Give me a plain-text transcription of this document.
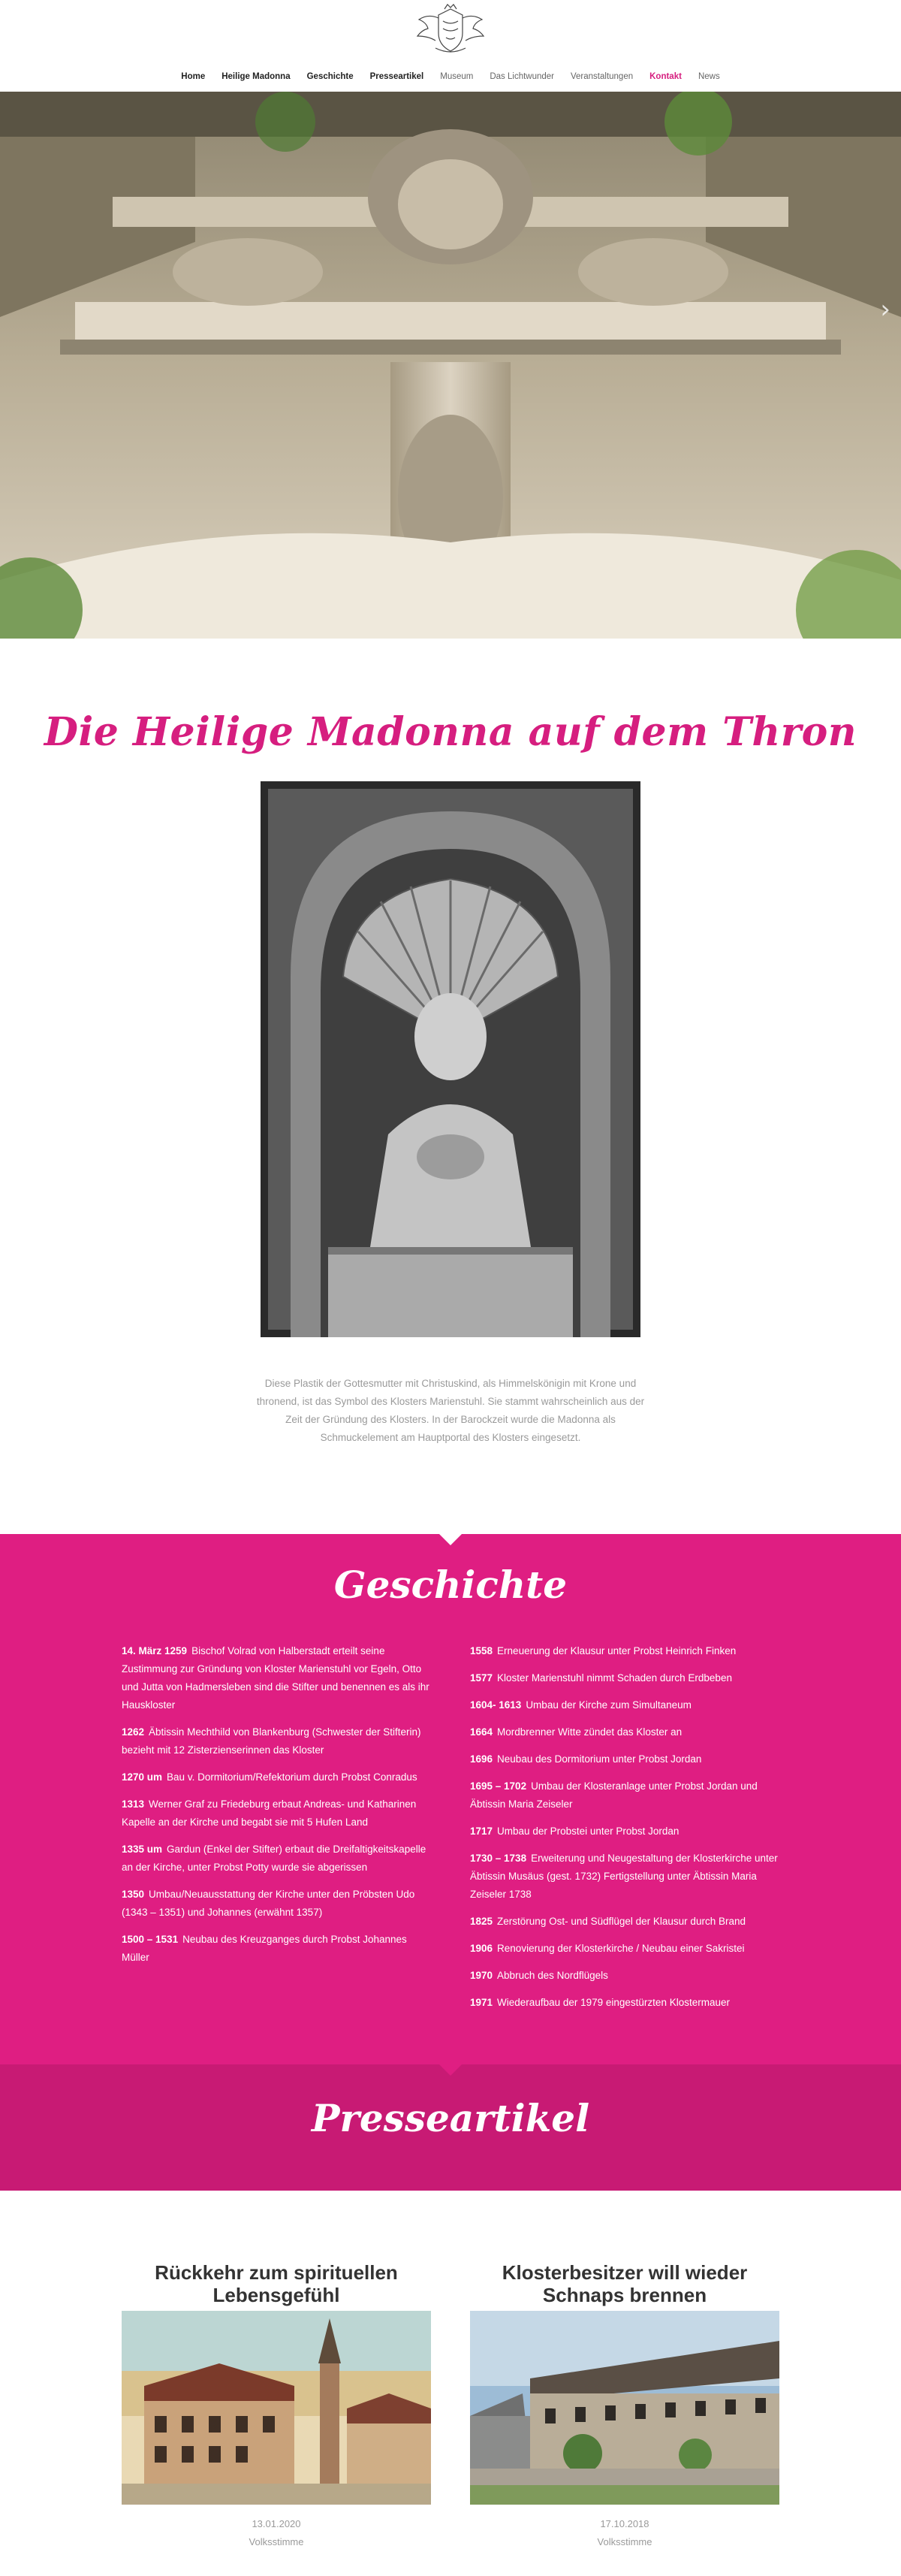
Home	Heilige Madonna	Geschichte	Presseartikel	Museum	Das Lichtwunder	Veranstaltungen	Kontakt	News
›
Die Heilige Madonna auf dem Thron

Diese Plastik der Gottesmutter mit Christuskind, als Himmelskönigin mit Krone und thronend, ist das Symbol des Klosters Marienstuhl. Sie stammt wahrscheinlich aus der Zeit der Gründung des Klosters. In der Barockzeit wurde die Madonna als Schmuckelement am Hauptportal des Klosters eingesetzt.

Geschichte

14. März 1259 Bischof Volrad von Halberstadt erteilt seine Zustimmung zur Gründung von Kloster Marienstuhl vor Egeln, Otto und Jutta von Hadmersleben sind die Stifter und benennen es als ihr Hauskloster

1262 Äbtissin Mechthild von Blankenburg (Schwester der Stifterin) bezieht mit 12 Zisterzienserinnen das Kloster

1270 um Bau v. Dormitorium/Refektorium durch Probst Conradus

1313 Werner Graf zu Friedeburg erbaut Andreas- und Katharinen Kapelle an der Kirche und begabt sie mit 5 Hufen Land

1335 um Gardun (Enkel der Stifter) erbaut die Dreifaltigkeitskapelle an der Kirche, unter Probst Potty wurde sie abgerissen

1350 Umbau/Neuausstattung der Kirche unter den Pröbsten Udo (1343 – 1351) und Johannes (erwähnt 1357)

1500 – 1531 Neubau des Kreuzganges durch Probst Johannes Müller

1558 Erneuerung der Klausur unter Probst Heinrich Finken

1577 Kloster Marienstuhl nimmt Schaden durch Erdbeben

1604- 1613 Umbau der Kirche zum Simultaneum

1664 Mordbrenner Witte zündet das Kloster an

1696 Neubau des Dormitorium unter Probst Jordan

1695 – 1702 Umbau der Klosteranlage unter Probst Jordan und Äbtissin Maria Zeiseler

1717 Umbau der Probstei unter Probst Jordan

1730 – 1738 Erweiterung und Neugestaltung der Klosterkirche unter Äbtissin Musäus (gest. 1732) Fertigstellung unter Äbtissin Maria Zeiseler 1738

1825 Zerstörung Ost- und Südflügel der Klausur durch Brand

1906 Renovierung der Klosterkirche / Neubau einer Sakristei

1970 Abbruch des Nordflügels

1971 Wiederaufbau der 1979 eingestürzten Klostermauer

Presseartikel
Rückkehr zum spirituellen Lebensgefühl
13.01.2020
Volksstimme
Klosterbesitzer will wieder Schnaps brennen
17.10.2018
Volksstimme
